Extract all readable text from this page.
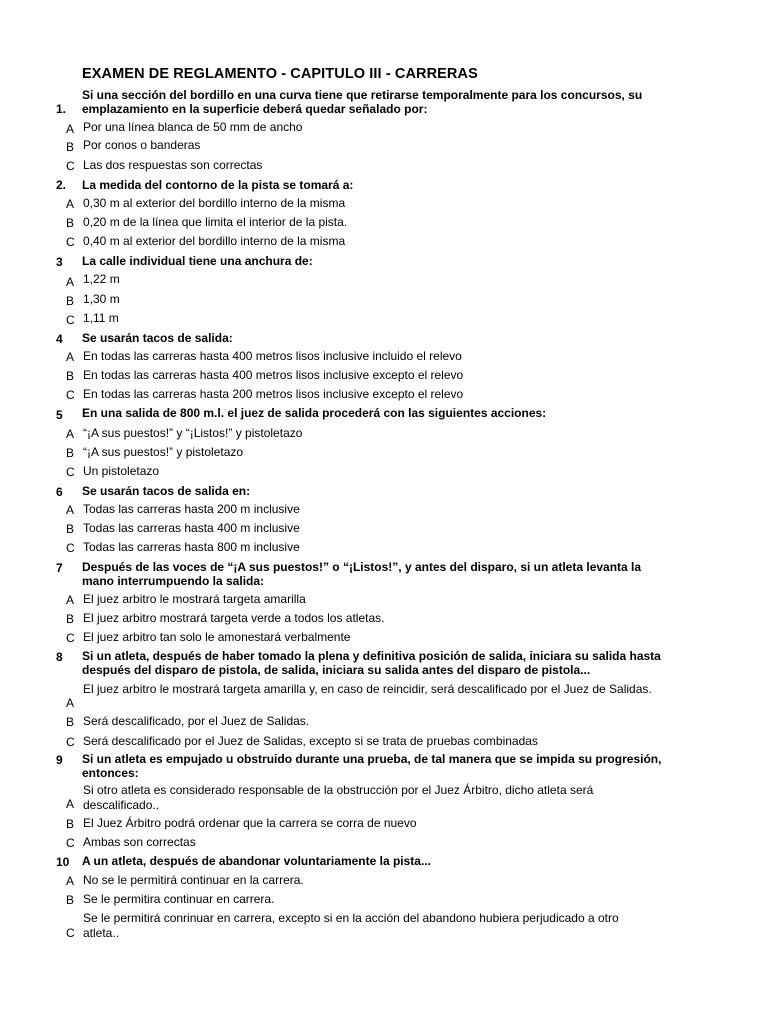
EXAMEN DE REGLAMENTO - CAPITULO III - CARRERAS
1.
Si una sección del bordillo en una curva tiene que retirarse temporalmente para los concursos, su emplazamiento en la superficie deberá quedar señalado por:
A Por una línea blanca de 50 mm de ancho
B Por conos o banderas
C Las dos respuestas son correctas
2. La medida del contorno de la pista se tomará a:
A 0,30 m al exterior del bordillo interno de la misma
B 0,20 m de la línea que limita el interior de la pista.
C 0,40 m al exterior del bordillo interno de la misma
3 La calle individual tiene una anchura de:
A 1,22 m
B 1,30 m
C 1,11 m
4 Se usarán tacos de salida:
A En todas las carreras hasta 400 metros lisos inclusive incluido el relevo
B En todas las carreras hasta 400 metros lisos inclusive excepto el relevo
C En todas las carreras hasta 200 metros lisos inclusive excepto el relevo
5 En una salida de 800 m.l. el juez de salida procederá con las siguientes acciones:
A “¡A sus puestos!” y “¡Listos!” y pistoletazo
B “¡A sus puestos!” y pistoletazo
C Un pistoletazo
6 Se usarán tacos de salida en:
A Todas las carreras hasta 200 m inclusive
B Todas las carreras hasta 400 m inclusive
C Todas las carreras hasta 800 m inclusive
7 Después de las voces de “¡A sus puestos!” o “¡Listos!”, y antes del disparo, si un atleta levanta la mano interrumpuendo la salida:
A El juez arbitro le mostrará targeta amarilla
B El juez arbitro mostrará targeta verde a todos los atletas.
C El juez arbitro tan solo le amonestará verbalmente
8 Si un atleta, después de haber tomado la plena y definitiva posición de salida, iniciara su salida hasta después del disparo de pistola, de salida, iniciara su salida antes del disparo de pistola...
A
El juez arbitro le mostrará targeta amarilla y, en caso de reincidir, será descalificado por el Juez de Salidas.
B Será descalificado, por el Juez de Salidas.
C Será descalificado por el Juez de Salidas, excepto si se trata de pruebas combinadas
9 Si un atleta es empujado u obstruido durante una prueba, de tal manera que se impida su progresión, entonces:
A
Si otro atleta es considerado responsable de la obstrucción por el Juez Árbitro, dicho atleta será descalificado..
B El Juez Árbitro podrá ordenar que la carrera se corra de nuevo
C Ambas son correctas
10 A un atleta, después de abandonar voluntariamente la pista...
A No se le permitirá continuar en la carrera.
B Se le permitira continuar en carrera.
C
Se le permitirá conrinuar en carrera, excepto si en la acción del abandono hubiera perjudicado a otro atleta..
